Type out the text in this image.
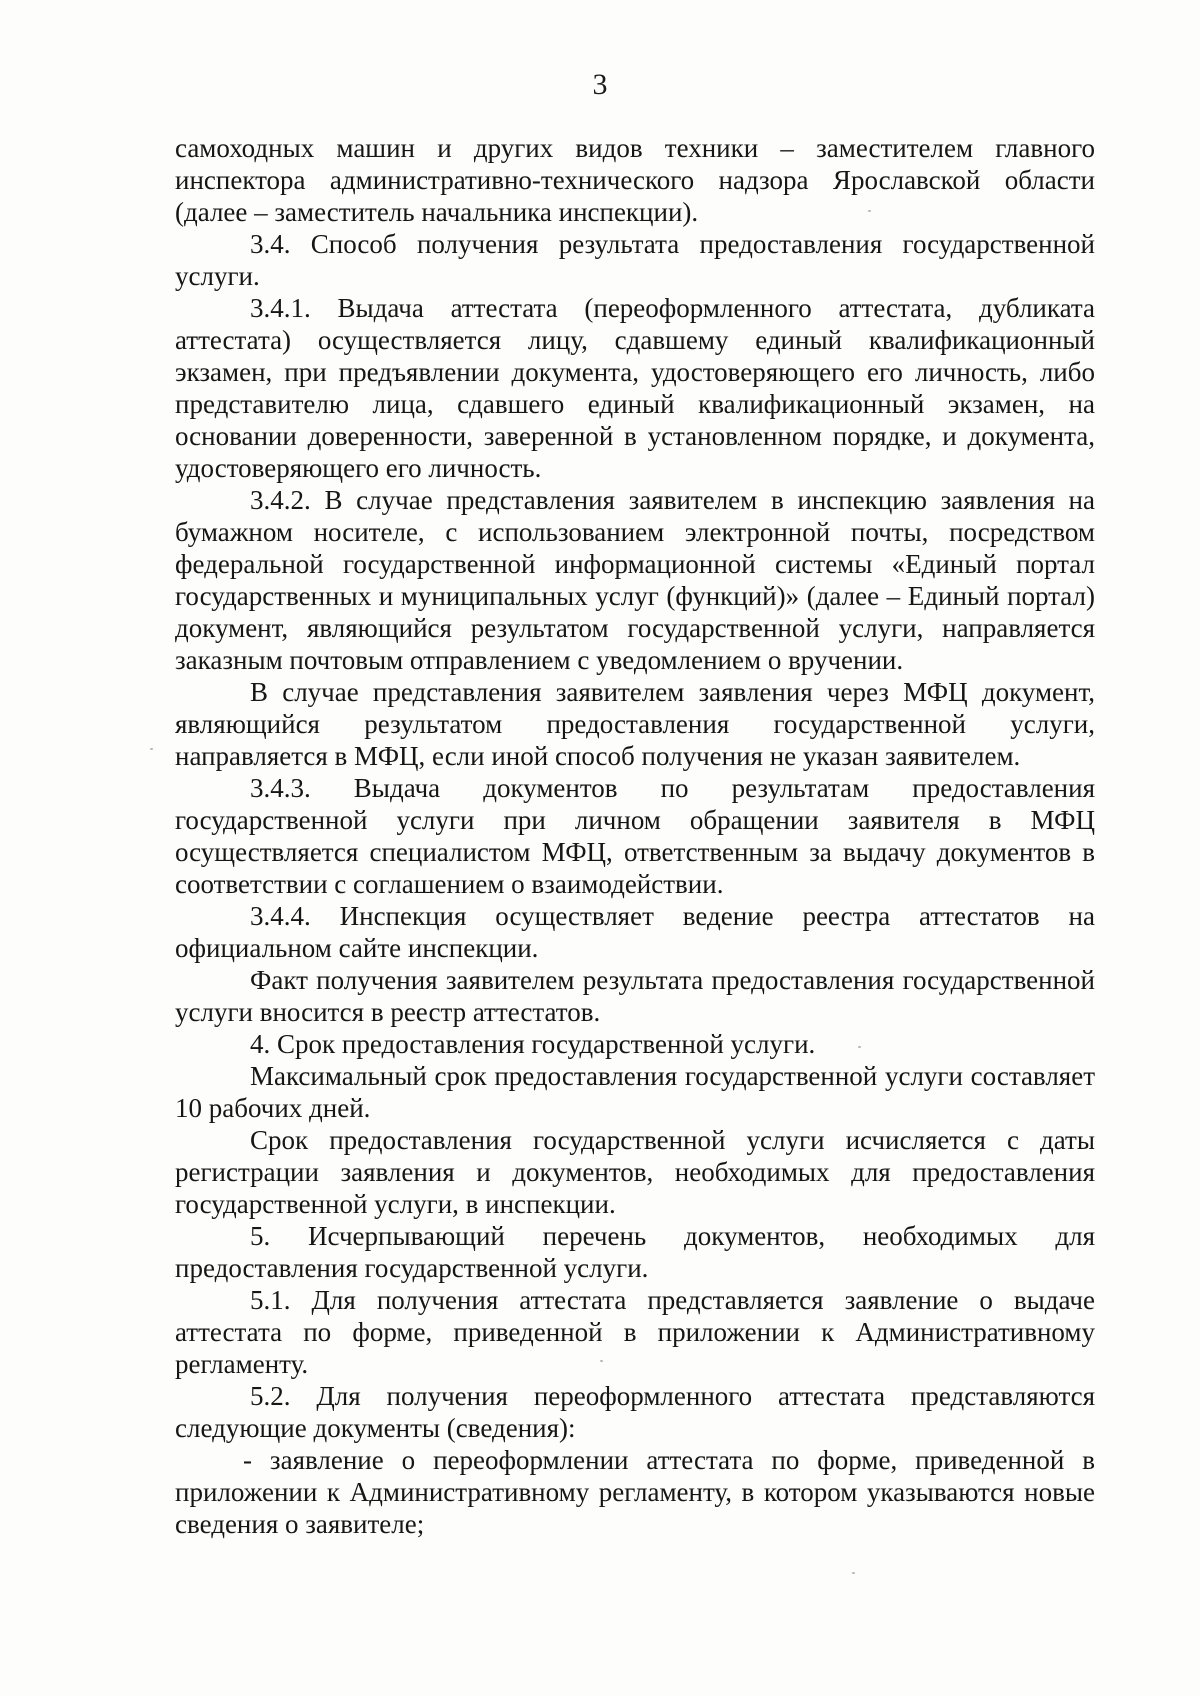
3

самоходных машин и других видов техники – заместителем главного инспектора административно-технического надзора Ярославской области (далее – заместитель начальника инспекции).

3.4. Способ получения результата предоставления государственной услуги.

3.4.1. Выдача аттестата (переоформленного аттестата, дубликата аттестата) осуществляется лицу, сдавшему единый квалификационный экзамен, при предъявлении документа, удостоверяющего его личность, либо представителю лица, сдавшего единый квалификационный экзамен, на основании доверенности, заверенной в установленном порядке, и документа, удостоверяющего его личность.

3.4.2. В случае представления заявителем в инспекцию заявления на бумажном носителе, с использованием электронной почты, посредством федеральной государственной информационной системы «Единый портал государственных и муниципальных услуг (функций)» (далее – Единый портал) документ, являющийся результатом государственной услуги, направляется заказным почтовым отправлением с уведомлением о вручении.

В случае представления заявителем заявления через МФЦ документ, являющийся результатом предоставления государственной услуги, направляется в МФЦ, если иной способ получения не указан заявителем.

3.4.3. Выдача документов по результатам предоставления государственной услуги при личном обращении заявителя в МФЦ осуществляется специалистом МФЦ, ответственным за выдачу документов в соответствии с соглашением о взаимодействии.

3.4.4. Инспекция осуществляет ведение реестра аттестатов на официальном сайте инспекции.

Факт получения заявителем результата предоставления государственной услуги вносится в реестр аттестатов.

4. Срок предоставления государственной услуги.

Максимальный срок предоставления государственной услуги составляет 10 рабочих дней.

Срок предоставления государственной услуги исчисляется с даты регистрации заявления и документов, необходимых для предоставления государственной услуги, в инспекции.

5. Исчерпывающий перечень документов, необходимых для предоставления государственной услуги.

5.1. Для получения аттестата представляется заявление о выдаче аттестата по форме, приведенной в приложении к Административному регламенту.

5.2. Для получения переоформленного аттестата представляются следующие документы (сведения):

- заявление о переоформлении аттестата по форме, приведенной в приложении к Административному регламенту, в котором указываются новые сведения о заявителе;
